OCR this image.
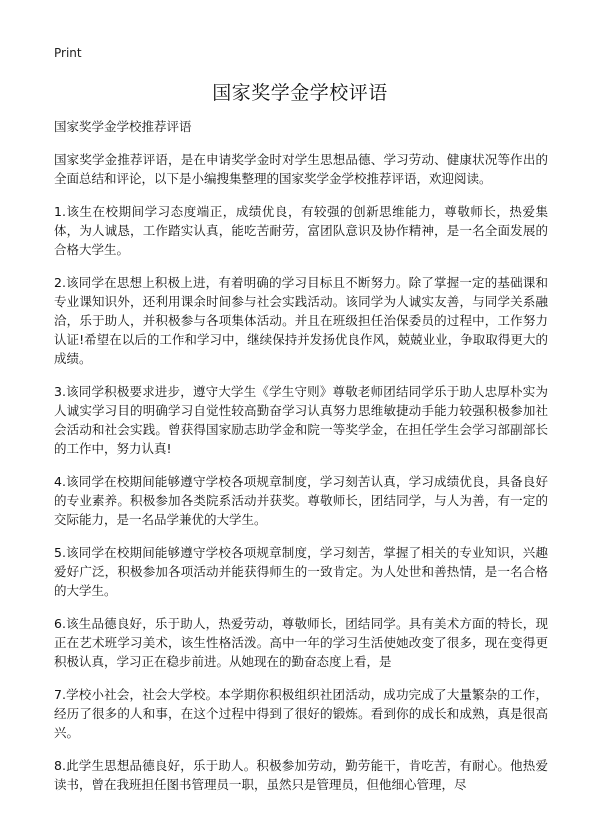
Print
国家奖学金学校评语
国家奖学金学校推荐评语

国家奖学金推荐评语，是在申请奖学金时对学生思想品德、学习劳动、健康状况等作出的全面总结和评论，以下是小编搜集整理的国家奖学金学校推荐评语，欢迎阅读。

1.该生在校期间学习态度端正，成绩优良，有较强的创新思维能力，尊敬师长，热爱集体，为人诚恳，工作踏实认真，能吃苦耐劳，富团队意识及协作精神，是一名全面发展的合格大学生。

2.该同学在思想上积极上进，有着明确的学习目标且不断努力。除了掌握一定的基础课和专业课知识外，还利用课余时间参与社会实践活动。该同学为人诚实友善，与同学关系融洽，乐于助人，并积极参与各项集体活动。并且在班级担任治保委员的过程中，工作努力认证!希望在以后的工作和学习中，继续保持并发扬优良作风，兢兢业业，争取取得更大的成绩。

3.该同学积极要求进步，遵守大学生《学生守则》尊敬老师团结同学乐于助人忠厚朴实为人诚实学习目的明确学习自觉性较高勤奋学习认真努力思维敏捷动手能力较强积极参加社会活动和社会实践。曾获得国家励志助学金和院一等奖学金，在担任学生会学习部副部长的工作中，努力认真!

4.该同学在校期间能够遵守学校各项规章制度，学习刻苦认真，学习成绩优良，具备良好的专业素养。积极参加各类院系活动并获奖。尊敬师长，团结同学，与人为善，有一定的交际能力，是一名品学兼优的大学生。

5.该同学在校期间能够遵守学校各项规章制度，学习刻苦，掌握了相关的专业知识，兴趣爱好广泛，积极参加各项活动并能获得师生的一致肯定。为人处世和善热情，是一名合格的大学生。

6.该生品德良好，乐于助人，热爱劳动，尊敬师长，团结同学。具有美术方面的特长，现正在艺术班学习美术，该生性格活泼。高中一年的学习生活使她改变了很多，现在变得更积极认真，学习正在稳步前进。从她现在的勤奋态度上看，是

7.学校小社会，社会大学校。本学期你积极组织社团活动，成功完成了大量繁杂的工作，经历了很多的人和事，在这个过程中得到了很好的锻炼。看到你的成长和成熟，真是很高兴。

8.此学生思想品德良好，乐于助人。积极参加劳动，勤劳能干，肯吃苦，有耐心。他热爱读书，曾在我班担任图书管理员一职，虽然只是管理员，但他细心管理，尽
